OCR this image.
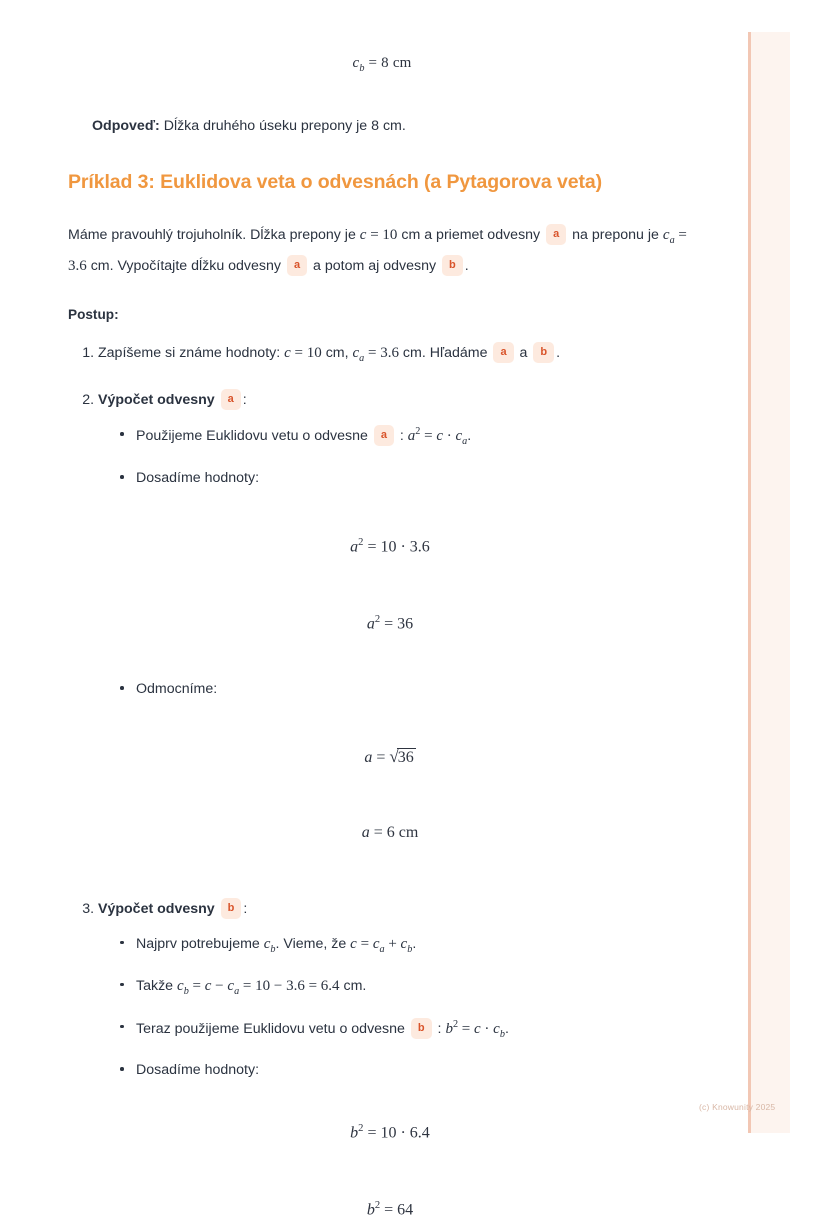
$c_b = 8$ cm

Odpoveď: Dĺžka druhého úseku prepony je 8 cm.

Príklad 3: Euklidova veta o odvesnách (a Pytagorova veta)

Máme pravouhlý trojuholník. Dĺžka prepony je c = 10 cm a priemet odvesny a na preponu je $c_a = 3.6$ cm. Vypočítajte dĺžku odvesny a a potom aj odvesny b .

Postup:

1. Zapíšeme si známe hodnoty: c = 10 cm, $c_a = 3.6$ cm. Hľadáme a a b .
2. Výpočet odvesny a :
Použijeme Euklidovu vetu o odvesne a : $a^2 = c \cdot c_a$.
Dosadíme hodnoty:
$a^2 = 10 \cdot 3.6$
$a^2 = 36$
Odmocníme:
a = √36
a = 6 cm
3. Výpočet odvesny b :
Najprv potrebujeme $c_b$. Vieme, že $c = c_a + c_b$.
Takže $c_b = c - c_a = 10 - 3.6 = 6.4$ cm.
Teraz použijeme Euklidovu vetu o odvesne b : $b^2 = c \cdot c_b$.
Dosadíme hodnoty:
$b^2 = 10 \cdot 6.4$
$b^2 = 64$
(c) Knowunity 2025
